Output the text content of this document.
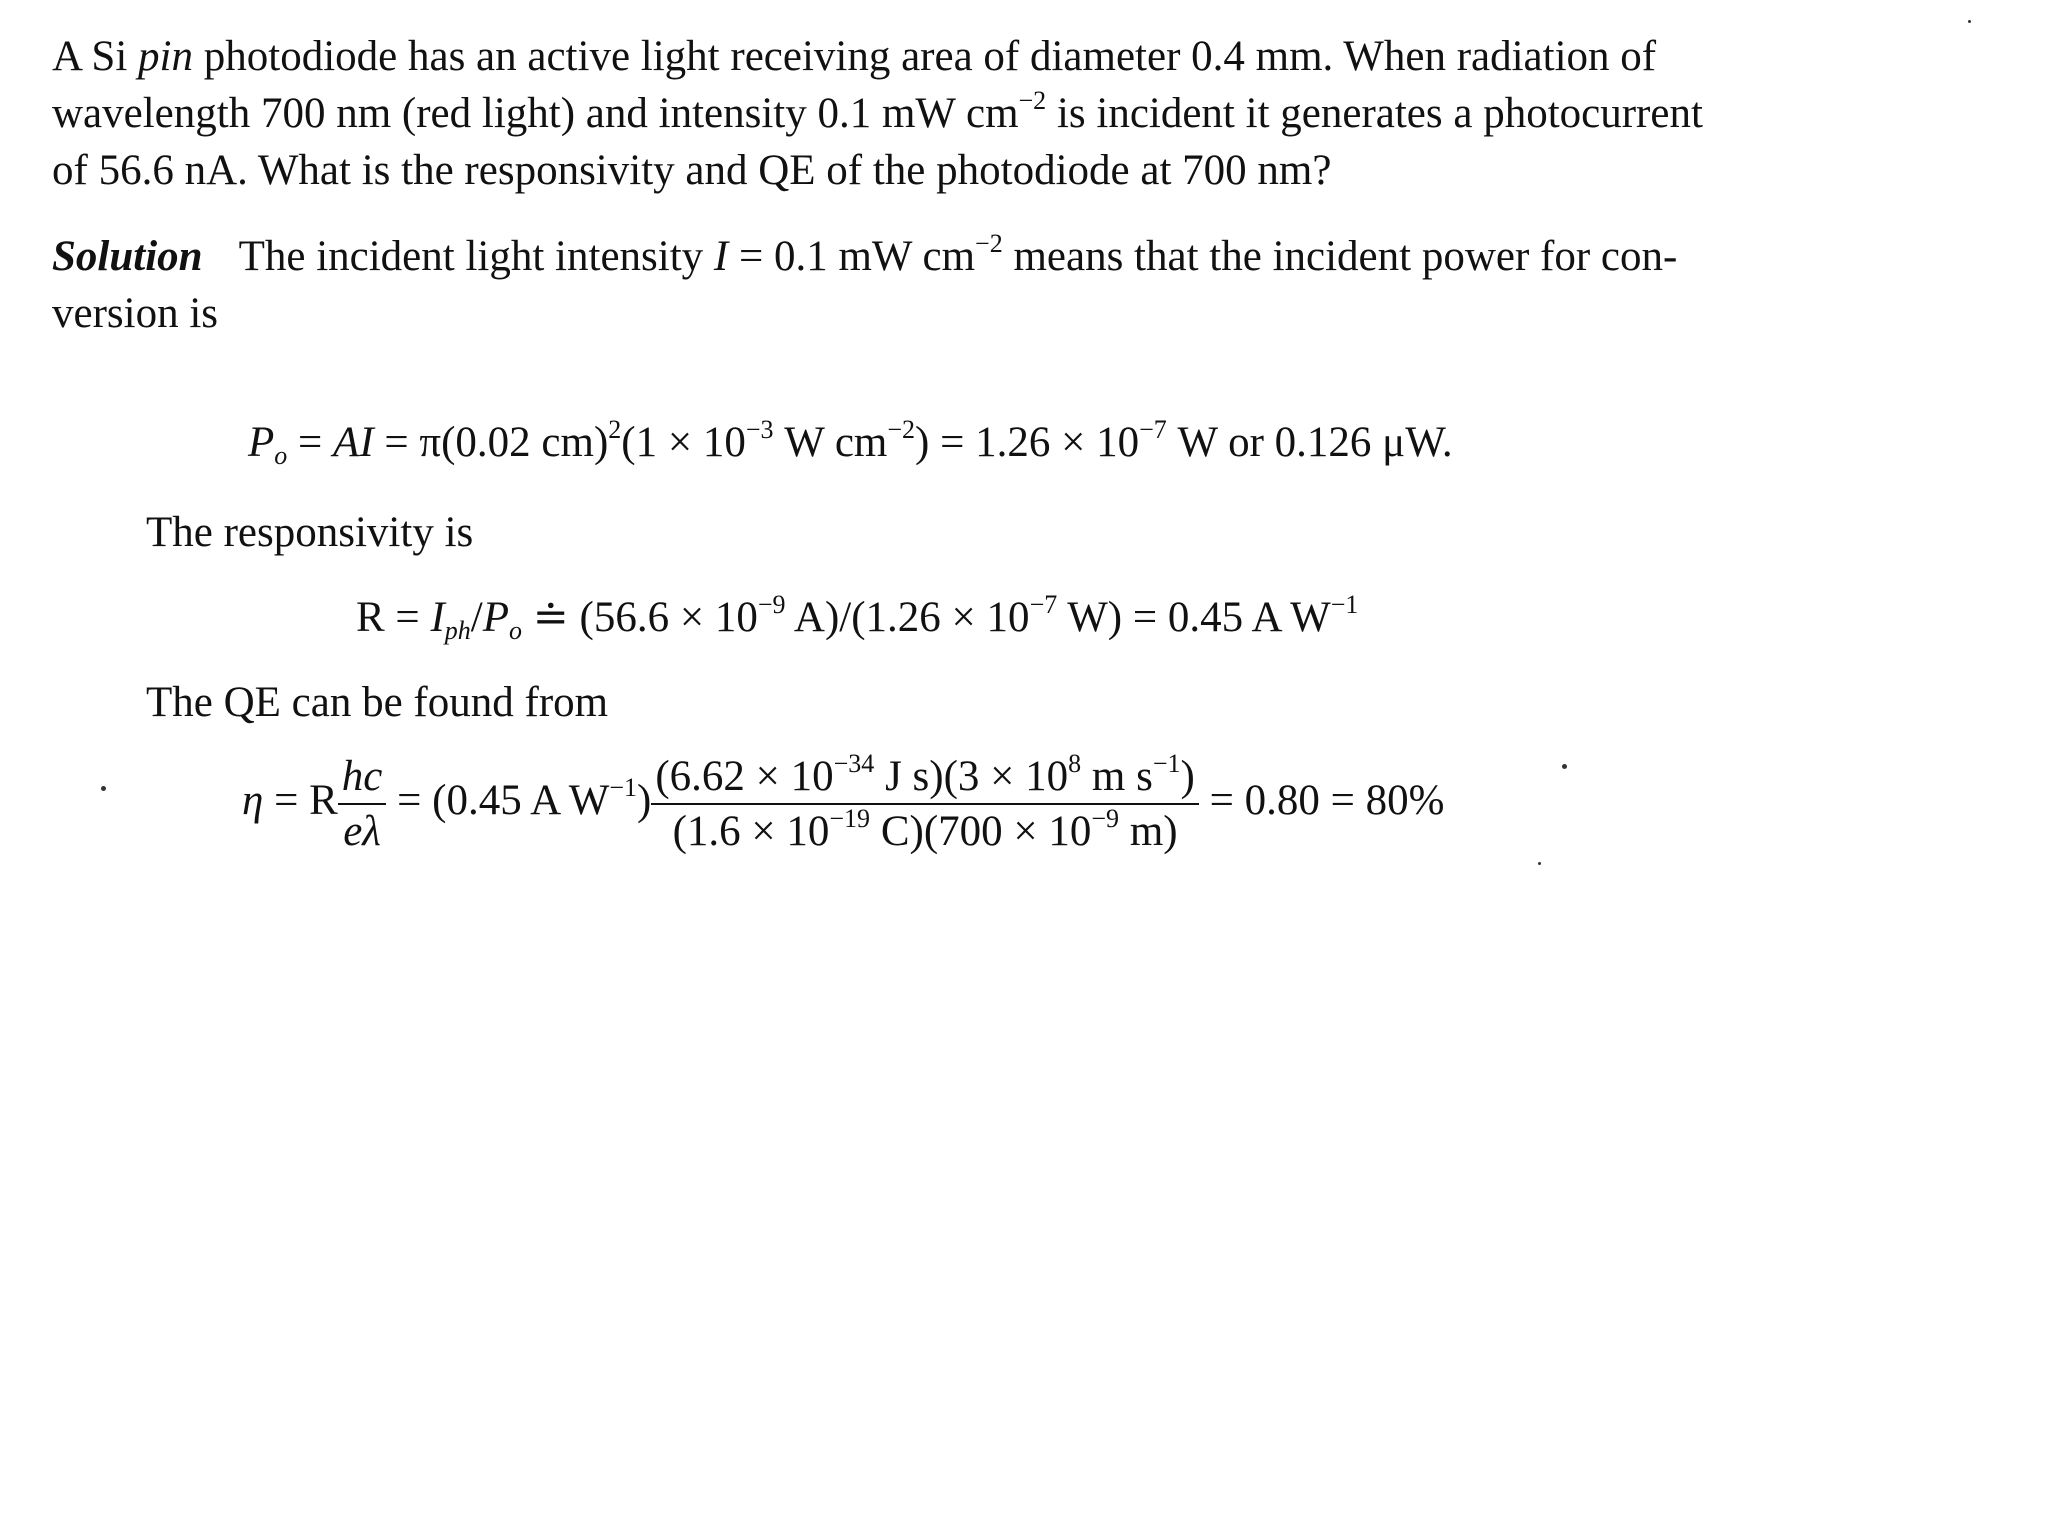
A Si pin photodiode has an active light receiving area of diameter 0.4 mm. When radiation of
wavelength 700 nm (red light) and intensity 0.1 mW $cm^{-2}$ is incident it generates a photocurrent
of 56.6 nA. What is the responsivity and QE of the photodiode at 700 nm?
Solution The incident light intensity I = 0.1 mW $cm^{-2}$ means that the incident power for con-
version is
$P_o$ = AI = π(0.02 $cm)^2(1 \times 10^{-3}$ W $cm^{-2}) = 1.26 \times 10^{-7}$ W or 0.126 μW.
The responsivity is
$R = I_{ph}/P_o$ ≐ ($56.6 \times 10^{-9}$ $A)/(1.26 \times 10^{-7}$ W) = 0.45 A $W^{-1}$
The QE can be found from
η = R $\frac{hc}{e\lambda} = (0.45$ A $W^{-1}) \frac{(6.62 \times 10^{-34} J s)(3 \times 10^8 m s^{-1})}{(1.6 \times 10^{-19} C)(700 \times 10^{-9} m)} = 0.80 = 80\%$
